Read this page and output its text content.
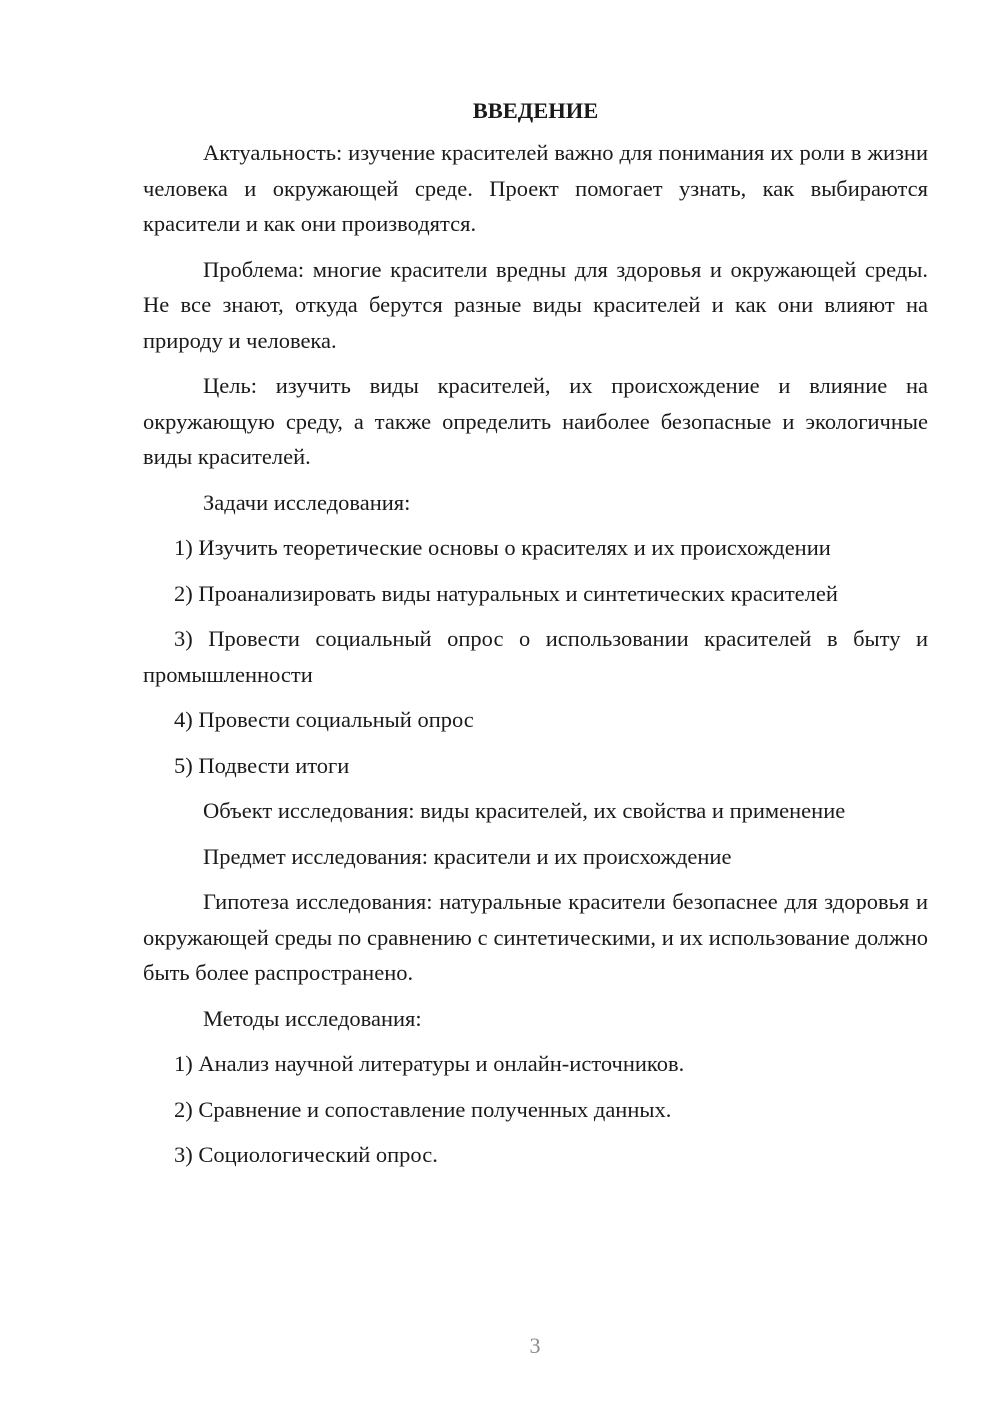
ВВЕДЕНИЕ

Актуальность: изучение красителей важно для понимания их роли в жизни человека и окружающей среде. Проект помогает узнать, как выбираются красители и как они производятся.

Проблема: многие красители вредны для здоровья и окружающей среды. Не все знают, откуда берутся разные виды красителей и как они влияют на природу и человека.

Цель: изучить виды красителей, их происхождение и влияние на окружающую среду, а также определить наиболее безопасные и экологичные виды красителей.

Задачи исследования:

1) Изучить теоретические основы о красителях и их происхождении

2) Проанализировать виды натуральных и синтетических красителей

3) Провести социальный опрос о использовании красителей в быту и промышленности

4) Провести социальный опрос

5) Подвести итоги

Объект исследования: виды красителей, их свойства и применение

Предмет исследования: красители и их происхождение

Гипотеза исследования: натуральные красители безопаснее для здоровья и окружающей среды по сравнению с синтетическими, и их использование должно быть более распространено.

Методы исследования:

1) Анализ научной литературы и онлайн-источников.

2) Сравнение и сопоставление полученных данных.

3) Социологический опрос.

3
